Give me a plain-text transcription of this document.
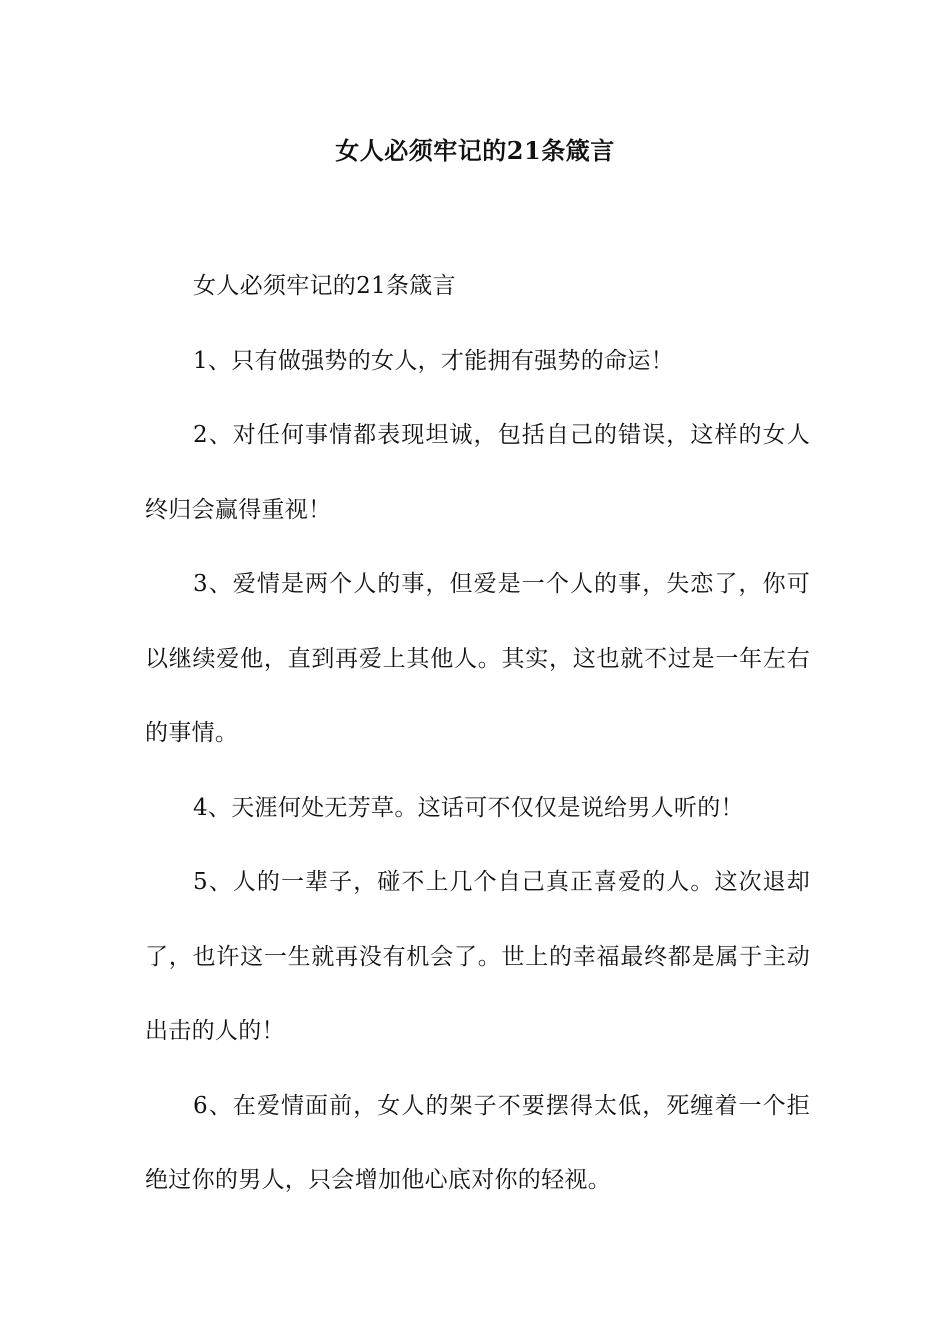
女人必须牢记的21条箴言

女人必须牢记的21条箴言

1、只有做强势的女人，才能拥有强势的命运！

2、对任何事情都表现坦诚，包括自己的错误，这样的女人终归会赢得重视！

3、爱情是两个人的事，但爱是一个人的事，失恋了，你可以继续爱他，直到再爱上其他人。其实，这也就不过是一年左右的事情。

4、天涯何处无芳草。这话可不仅仅是说给男人听的！

5、人的一辈子，碰不上几个自己真正喜爱的人。这次退却了，也许这一生就再没有机会了。世上的幸福最终都是属于主动出击的人的！

6、在爱情面前，女人的架子不要摆得太低，死缠着一个拒绝过你的男人，只会增加他心底对你的轻视。
